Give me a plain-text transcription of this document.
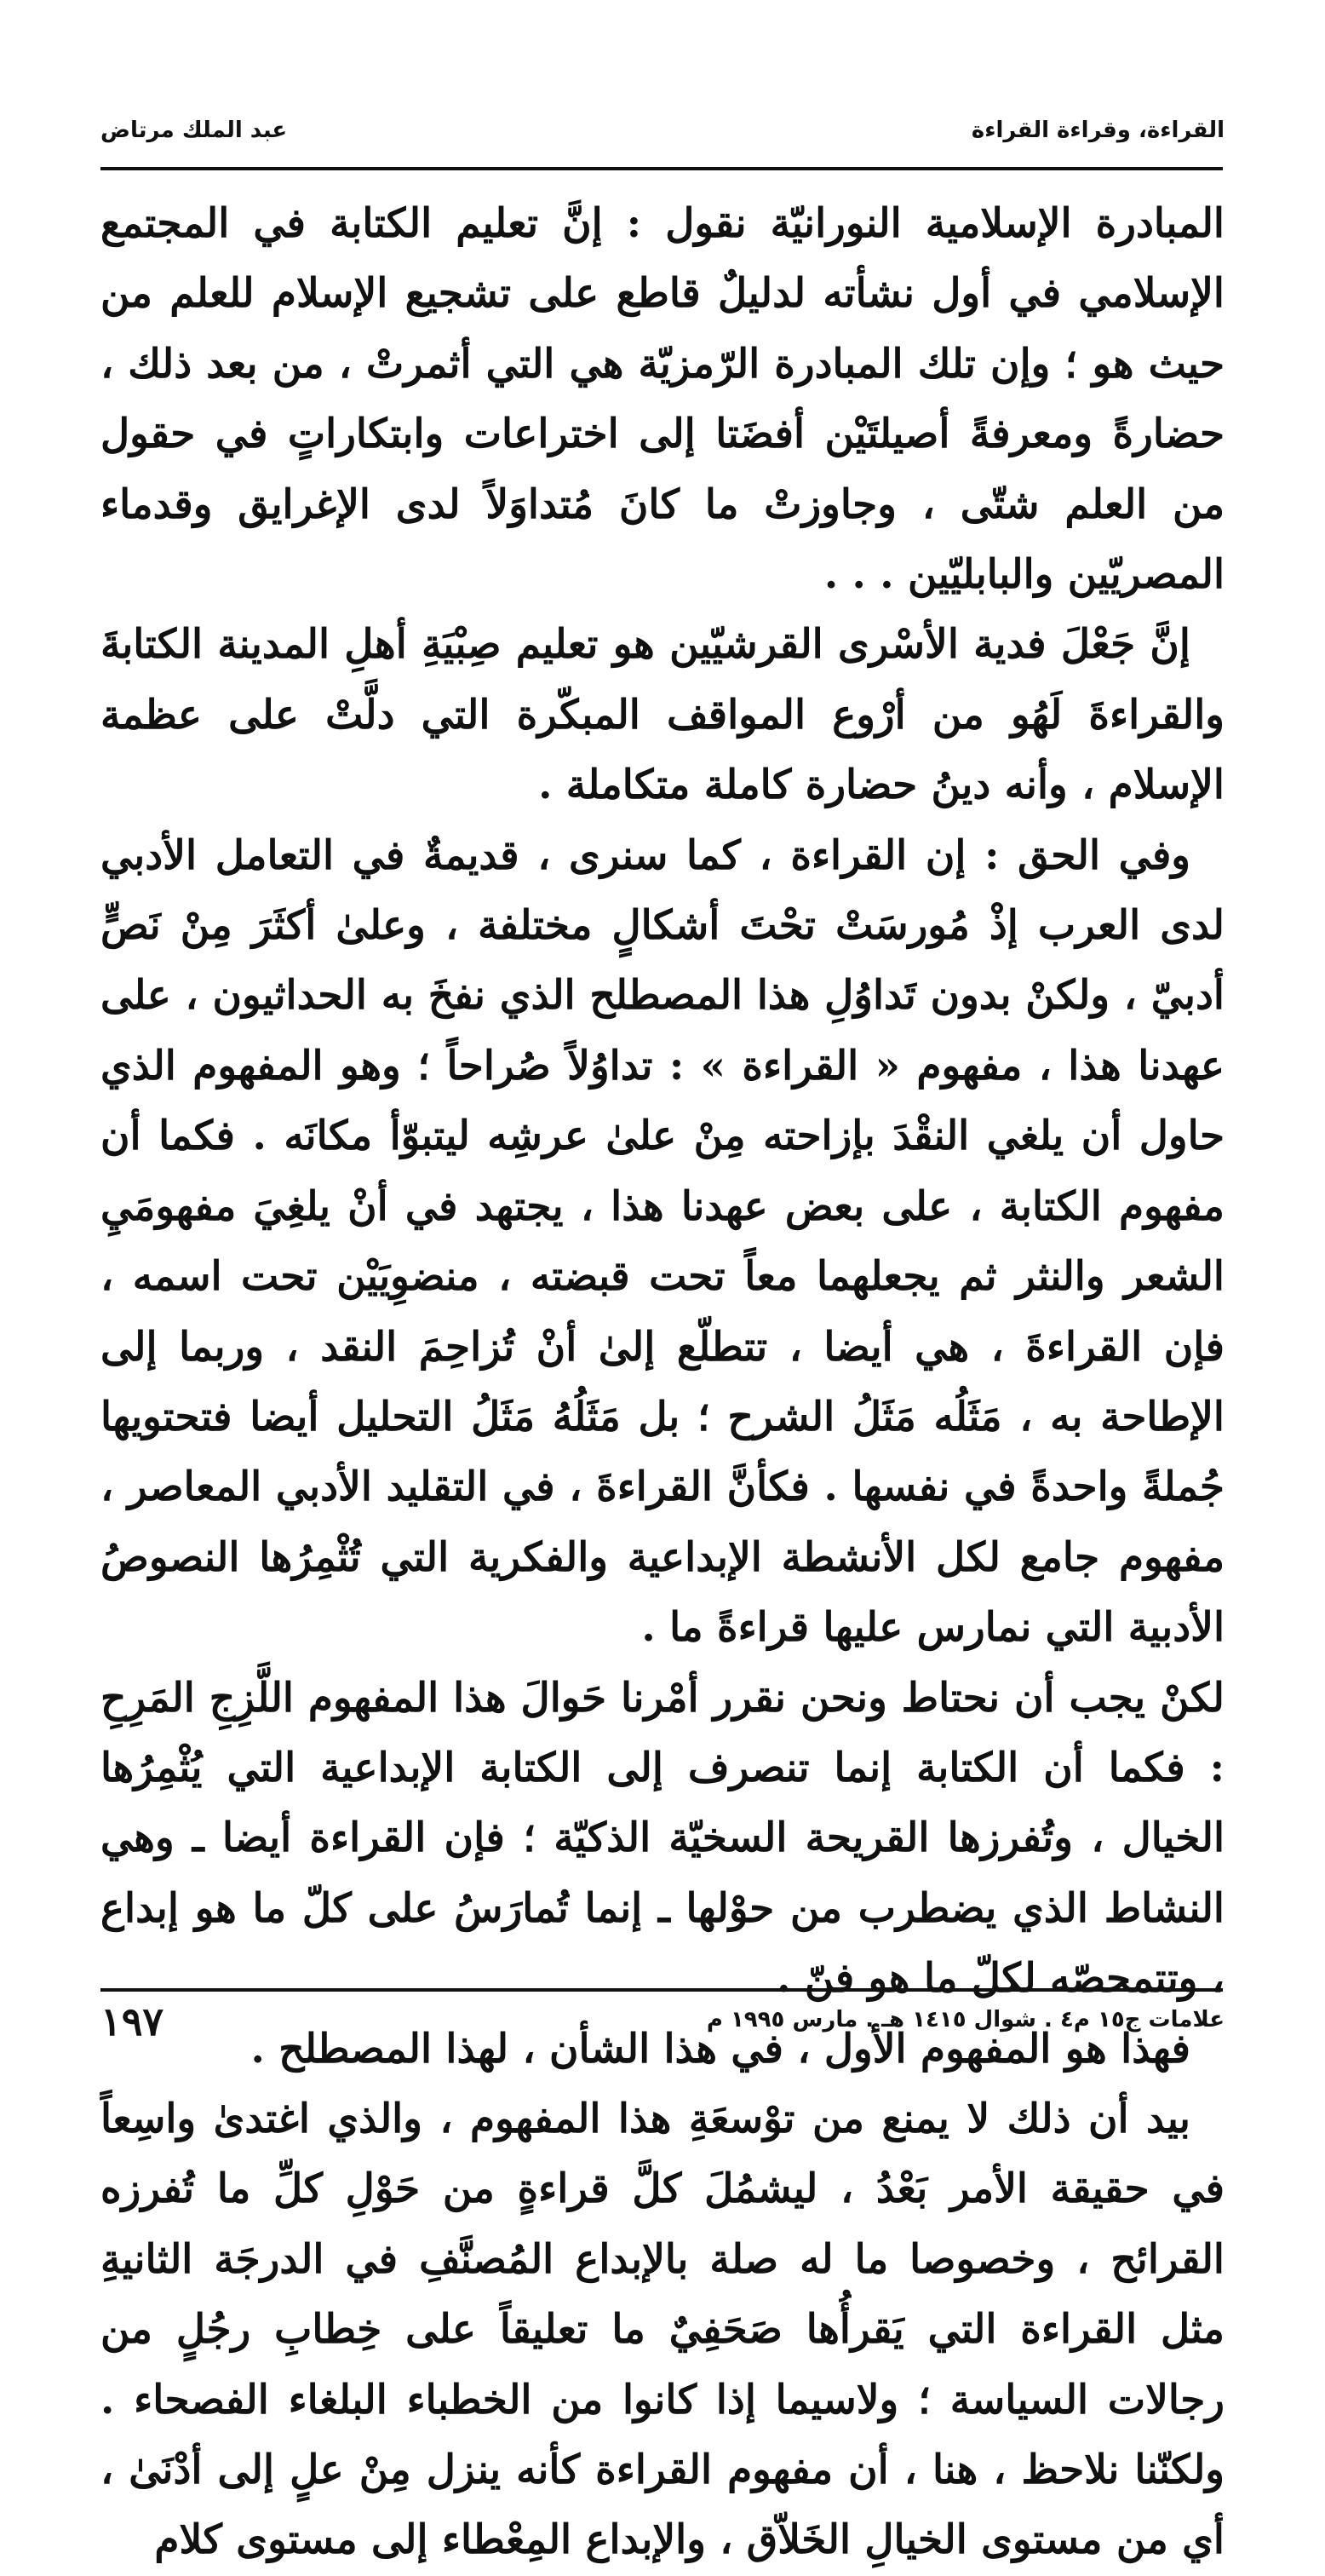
القراءة، وقراءة القراءة
عبد الملك مرتاض

المبادرة الإسلامية النورانيّة نقول : إنَّ تعليم الكتابة في المجتمع الإسلامي في أول نشأته لدليلٌ قاطع على تشجيع الإسلام للعلم من حيث هو ؛ وإن تلك المبادرة الرّمزيّة هي التي أثمرتْ ، من بعد ذلك ، حضارةً ومعرفةً أصيلتَيْن أفضَتا إلى اختراعات وابتكاراتٍ في حقول من العلم شتّى ، وجاوزتْ ما كانَ مُتداوَلاً لدى الإغرايق وقدماء المصريّين والبابليّين . . .

إنَّ جَعْلَ فدية الأسْرى القرشيّين هو تعليم صِبْيَةِ أهلِ المدينة الكتابةَ والقراءةَ لَهُو من أرْوع المواقف المبكّرة التي دلَّتْ على عظمة الإسلام ، وأنه دينُ حضارة كاملة متكاملة .

وفي الحق : إن القراءة ، كما سنرى ، قديمةٌ في التعامل الأدبي لدى العرب إذْ مُورسَتْ تحْتَ أشكالٍ مختلفة ، وعلىٰ أكثَرَ مِنْ نَصٍّ أدبيّ ، ولكنْ بدون تَداوُلِ هذا المصطلح الذي نفخَ به الحداثيون ، على عهدنا هذا ، مفهوم « القراءة » : تداوُلاً صُراحاً ؛ وهو المفهوم الذي حاول أن يلغي النقْدَ بإزاحته مِنْ علىٰ عرشِه ليتبوّأ مكانَه . فكما أن مفهوم الكتابة ، على بعض عهدنا هذا ، يجتهد في أنْ يلغِيَ مفهومَيِ الشعر والنثر ثم يجعلهما معاً تحت قبضته ، منضوِيَيْن تحت اسمه ، فإن القراءةَ ، هي أيضا ، تتطلّع إلىٰ أنْ تُزاحِمَ النقد ، وربما إلى الإطاحة به ، مَثَلُه مَثَلُ الشرح ؛ بل مَثَلُهُ مَثَلُ التحليل أيضا فتحتويها جُملةً واحدةً في نفسها . فكأنَّ القراءةَ ، في التقليد الأدبي المعاصر ، مفهوم جامع لكل الأنشطة الإبداعية والفكرية التي تُثْمِرُها النصوصُ الأدبية التي نمارس عليها قراءةً ما .

لكنْ يجب أن نحتاط ونحن نقرر أمْرنا حَوالَ هذا المفهوم اللَّزِجِ المَرِحِ : فكما أن الكتابة إنما تنصرف إلى الكتابة الإبداعية التي يُثْمِرُها الخيال ، وتُفرزها القريحة السخيّة الذكيّة ؛ فإن القراءة أيضا ـ وهي النشاط الذي يضطرب من حوْلها ـ إنما تُمارَسُ على كلّ ما هو إبداع ، وتتمحصّه لكلّ ما هو فنّ .

فهذا هو المفهوم الأول ، في هذا الشأن ، لهذا المصطلح .

بيد أن ذلك لا يمنع من توْسعَةِ هذا المفهوم ، والذي اغتدىٰ واسِعاً في حقيقة الأمر بَعْدُ ، ليشمُلَ كلَّ قراءةٍ من حَوْلِ كلِّ ما تُفرزه القرائح ، وخصوصا ما له صلة بالإبداع المُصنَّفِ في الدرجَة الثانيةِ مثل القراءة التي يَقرأُها صَحَفِيٌ ما تعليقاً على خِطابِ رجُلٍ من رجالات السياسة ؛ ولاسيما إذا كانوا من الخطباء البلغاء الفصحاء . ولكنّنا نلاحظ ، هنا ، أن مفهوم القراءة كأنه ينزل مِنْ علٍ إلى أدْنَىٰ ، أي من مستوى الخيالِ الخَلاّق ، والإبداع المِعْطاء إلى مستوى كلام

علامات ج١٥ م٤ . شوال ١٤١٥ هـ . مارس ١٩٩٥ م
١٩٧
